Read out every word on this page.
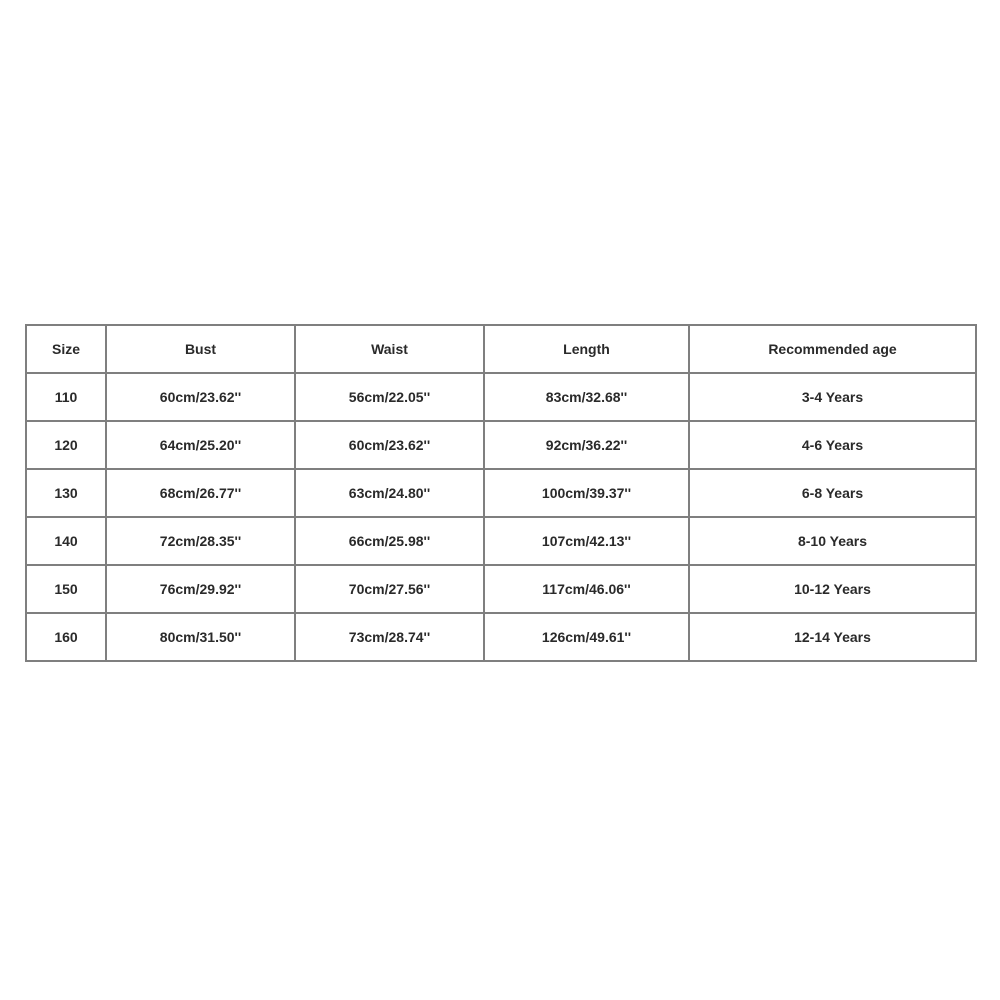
Size	Bust	Waist	Length	Recommended age
110	60cm/23.62''	56cm/22.05''	83cm/32.68''	3-4 Years
120	64cm/25.20''	60cm/23.62''	92cm/36.22''	4-6 Years
130	68cm/26.77''	63cm/24.80''	100cm/39.37''	6-8 Years
140	72cm/28.35''	66cm/25.98''	107cm/42.13''	8-10 Years
150	76cm/29.92''	70cm/27.56''	117cm/46.06''	10-12 Years
160	80cm/31.50''	73cm/28.74''	126cm/49.61''	12-14 Years
